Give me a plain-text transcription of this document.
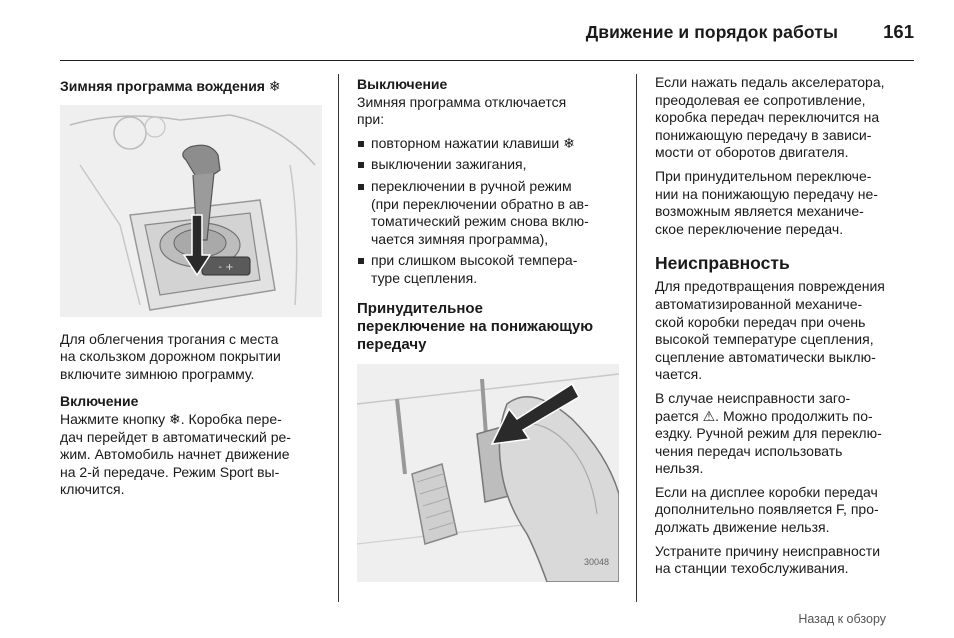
Движение и порядок работы 161

Зимняя программа вождения ❄

- +

Для облегчения трогания с места
на скользком дорожном покрытии
включите зимнюю программу.

Включение

Нажмите кнопку ❄. Коробка пере-
дач перейдет в автоматический ре-
жим. Автомобиль начнет движение
на 2-й передаче. Режим Sport вы-
ключится.

Выключение

Зимняя программа отключается
при:

повторном нажатии клавиши ❄
выключении зажигания,
переключении в ручной режим
(при переключении обратно в ав-
томатический режим снова вклю-
чается зимняя программа),
при слишком высокой темпера-
туре сцепления.

Принудительное
переключение на понижающую
передачу

30048

Если нажать педаль акселератора,
преодолевая ее сопротивление,
коробка передач переключится на
понижающую передачу в зависи-
мости от оборотов двигателя.

При принудительном переключе-
нии на понижающую передачу не-
возможным является механиче-
ское переключение передач.

Неисправность

Для предотвращения повреждения
автоматизированной механиче-
ской коробки передач при очень
высокой температуре сцепления,
сцепление автоматически выклю-
чается.

В случае неисправности заго-
рается ⚠. Можно продолжить по-
ездку. Ручной режим для переклю-
чения передач использовать
нельзя.

Если на дисплее коробки передач
дополнительно появляется F, про-
должать движение нельзя.

Устраните причину неисправности
на станции техобслуживания.

Назад к обзору
